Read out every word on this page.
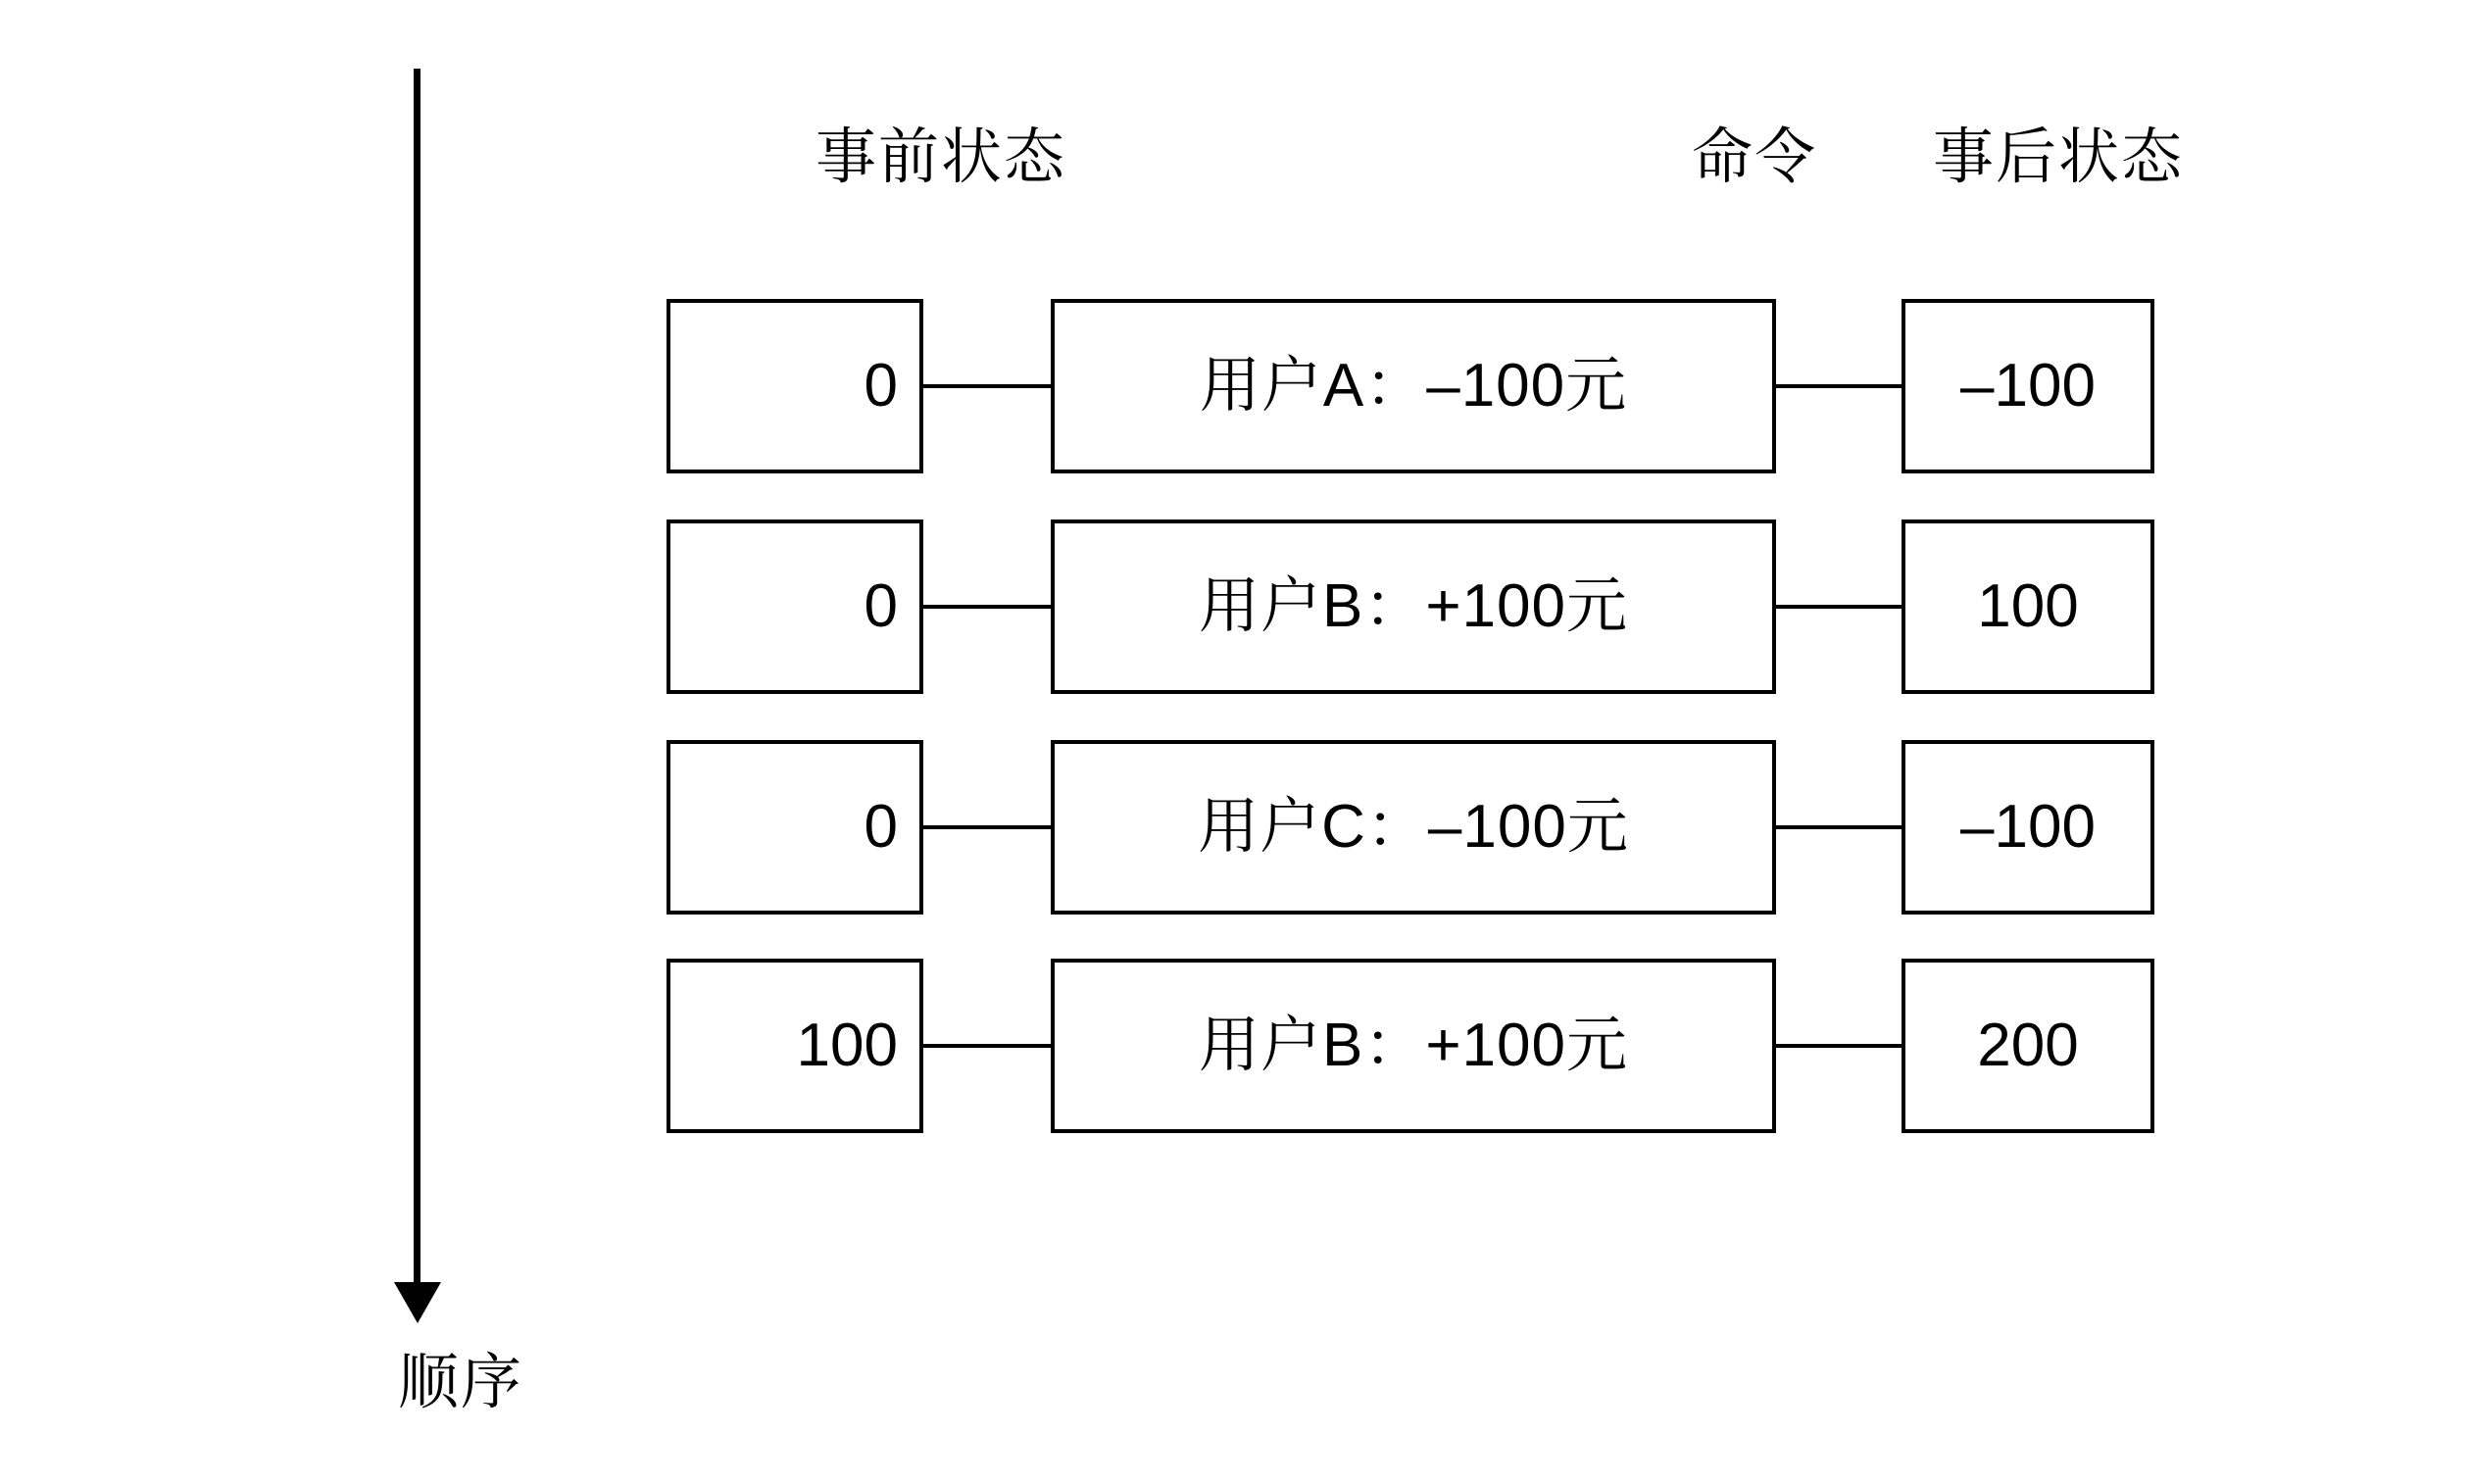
顺序
事前状态	命令	事后状态
0	用户A：–100元	–100
0	用户B：+100元	100
0	用户C：–100元	–100
100	用户B：+100元	200
